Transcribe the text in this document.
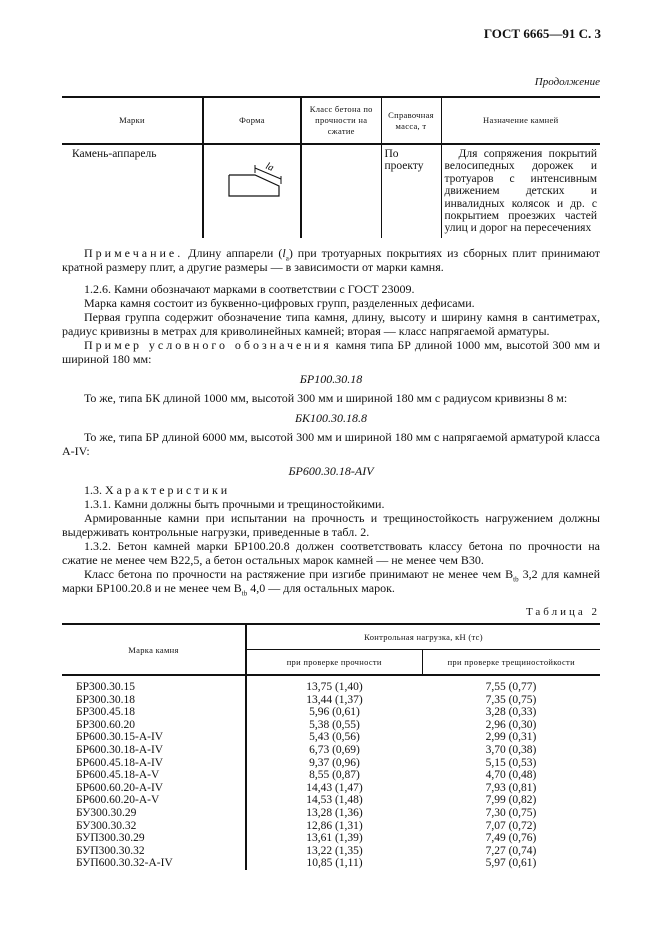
ГОСТ 6665—91 С. 3
Продолжение
Марки	Форма	Класс бетона по прочности на сжатие	Справочная масса, т	Назначение камней
Камень-аппарель	la		По проекту	Для сопряжения покрытий велосипедных дорожек и тротуаров с интенсивным движением детских и инвалидных колясок и др. с покрытием проезжих частей улиц и дорог на пересечениях
Примечание. Длину аппарели $(l_a)$ при тротуарных покрытиях из сборных плит принимают кратной размеру плит, а другие размеры — в зависимости от марки камня.
1.2.6. Камни обозначают марками в соответствии с ГОСТ 23009.
Марка камня состоит из буквенно-цифровых групп, разделенных дефисами.
Первая группа содержит обозначение типа камня, длину, высоту и ширину камня в сантиметрах, радиус кривизны в метрах для криволинейных камней; вторая — класс напрягаемой арматуры.
Пример условного обозначения камня типа БР длиной 1000 мм, высотой 300 мм и шириной 180 мм:
БР100.30.18
То же, типа БК длиной 1000 мм, высотой 300 мм и шириной 180 мм с радиусом кривизны 8 м:
БК100.30.18.8
То же, типа БР длиной 6000 мм, высотой 300 мм и шириной 180 мм с напрягаемой арматурой класса А-IV:
БР600.30.18-АIV
1.3. Характеристики
1.3.1. Камни должны быть прочными и трещиностойкими.
Армированные камни при испытании на прочность и трещиностойкость нагружением должны выдерживать контрольные нагрузки, приведенные в табл. 2.
1.3.2. Бетон камней марки БР100.20.8 должен соответствовать классу бетона по прочности на сжатие не менее чем В22,5, а бетон остальных марок камней — не менее чем В30.
Класс бетона по прочности на растяжение при изгибе принимают не менее чем $B_{tb}$ 3,2 для камней марки БР100.20.8 и не менее чем $B_{tb}$ 4,0 — для остальных марок.
Таблица 2
Марка камня	Контрольная нагрузка, кН (тс)	
	при проверке прочности	при проверке трещиностойкости
БР300.30.15	13,75 (1,40)	7,55 (0,77)
БР300.30.18	13,44 (1,37)	7,35 (0,75)
БР300.45.18	5,96 (0,61)	3,28 (0,33)
БР300.60.20	5,38 (0,55)	2,96 (0,30)
БР600.30.15-А-IV	5,43 (0,56)	2,99 (0,31)
БР600.30.18-А-IV	6,73 (0,69)	3,70 (0,38)
БР600.45.18-А-IV	9,37 (0,96)	5,15 (0,53)
БР600.45.18-А-V	8,55 (0,87)	4,70 (0,48)
БР600.60.20-А-IV	14,43 (1,47)	7,93 (0,81)
БР600.60.20-А-V	14,53 (1,48)	7,99 (0,82)
БУ300.30.29	13,28 (1,36)	7,30 (0,75)
БУ300.30.32	12,86 (1,31)	7,07 (0,72)
БУП300.30.29	13,61 (1,39)	7,49 (0,76)
БУП300.30.32	13,22 (1,35)	7,27 (0,74)
БУП600.30.32-А-IV	10,85 (1,11)	5,97 (0,61)
